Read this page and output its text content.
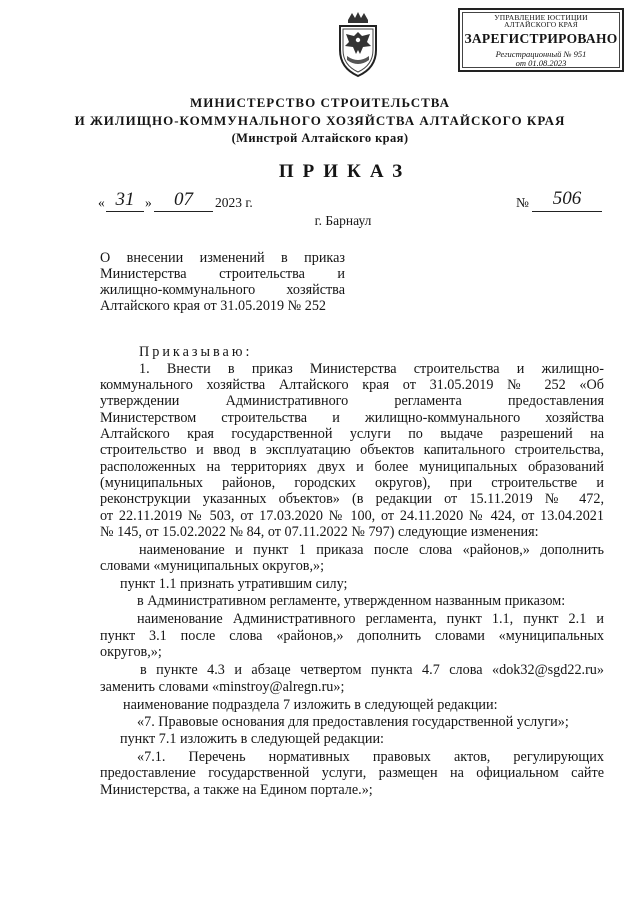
УПРАВЛЕНИЕ ЮСТИЦИИ
АЛТАЙСКОГО КРАЯ
ЗАРЕГИСТРИРОВАНО
Регистрационный № 951
от 01.08.2023
МИНИСТЕРСТВО СТРОИТЕЛЬСТВА
И ЖИЛИЩНО-КОММУНАЛЬНОГО ХОЗЯЙСТВА АЛТАЙСКОГО КРАЯ
(Минстрой Алтайского края)
ПРИКАЗ
« 31 »	07	2023 г.	№	506
г. Барнаул
О внесении изменений в приказ
Министерства строительства и
жилищно-коммунального хозяйства
Алтайского края от 31.05.2019 № 252
Приказываю:
1. Внести в приказ Министерства строительства и жилищно-
коммунального хозяйства Алтайского края от 31.05.2019 № 252 «Об
утверждении Административного регламента предоставления
Министерством строительства и жилищно-коммунального хозяйства
Алтайского края государственной услуги по выдаче разрешений на
строительство и ввод в эксплуатацию объектов капитального строительства,
расположенных на территориях двух и более муниципальных образований
(муниципальных районов, городских округов), при строительстве и
реконструкции указанных объектов» (в редакции от 15.11.2019 № 472,
от 22.11.2019 № 503, от 17.03.2020 № 100, от 24.11.2020 № 424, от 13.04.2021
№ 145, от 15.02.2022 № 84, от 07.11.2022 № 797) следующие изменения:
наименование и пункт 1 приказа после слова «районов,» дополнить
словами «муниципальных округов,»;
пункт 1.1 признать утратившим силу;
в Административном регламенте, утвержденном названным приказом:
наименование Административного регламента, пункт 1.1, пункт 2.1 и
пункт 3.1 после слова «районов,» дополнить словами «муниципальных
округов,»;
в пункте 4.3 и абзаце четвертом пункта 4.7 слова «dok32@sgd22.ru»
заменить словами «minstroy@alregn.ru»;
наименование подраздела 7 изложить в следующей редакции:
«7. Правовые основания для предоставления государственной услуги»;
пункт 7.1 изложить в следующей редакции:
«7.1. Перечень нормативных правовых актов, регулирующих
предоставление государственной услуги, размещен на официальном сайте
Министерства, а также на Едином портале.»;
